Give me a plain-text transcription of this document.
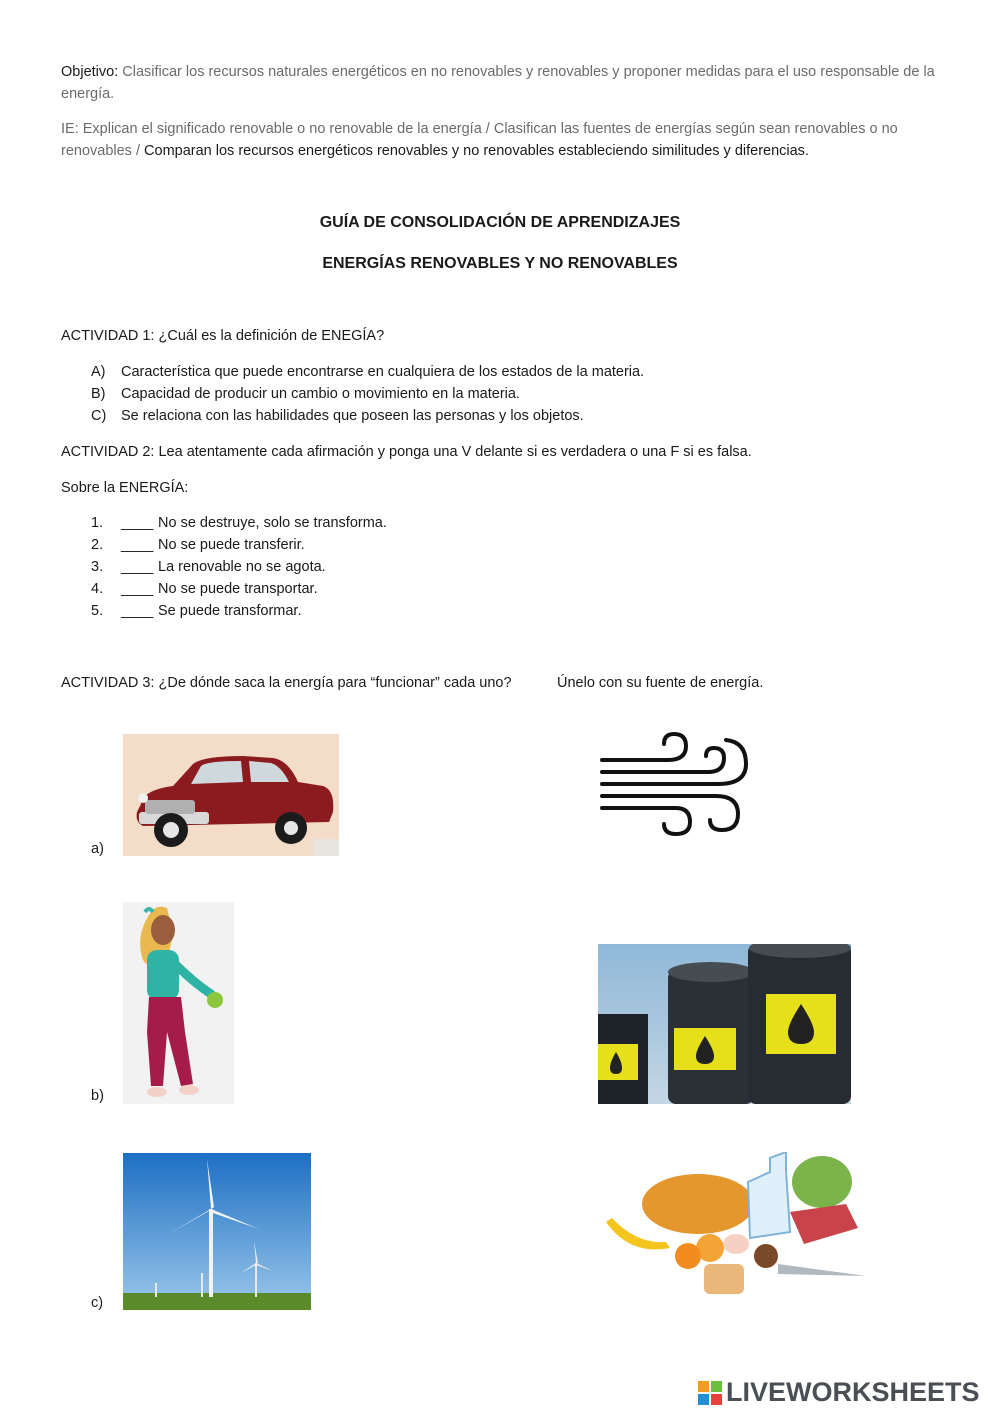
Objetivo: Clasificar los recursos naturales energéticos en no renovables y renovables y proponer medidas para el uso responsable de la energía.
IE: Explican el significado renovable o no renovable de la energía / Clasifican las fuentes de energías según sean renovables o no renovables / Comparan los recursos energéticos renovables y no renovables estableciendo similitudes y diferencias.
GUÍA DE CONSOLIDACIÓN DE APRENDIZAJES
ENERGÍAS RENOVABLES Y NO RENOVABLES
ACTIVIDAD 1: ¿Cuál es la definición de ENEGÍA?
A) Característica que puede encontrarse en cualquiera de los estados de la materia.
B) Capacidad de producir un cambio o movimiento en la materia.
C) Se relaciona con las habilidades que poseen las personas y los objetos.
ACTIVIDAD 2: Lea atentamente cada afirmación y ponga una V delante si es verdadera o una F si es falsa.
Sobre la ENERGÍA:
1. ____ No se destruye, solo se transforma.
2. ____ No se puede transferir.
3. ____ La renovable no se agota.
4. ____ No se puede transportar.
5. ____ Se puede transformar.
ACTIVIDAD 3: ¿De dónde saca la energía para “funcionar” cada uno?	Únelo con su fuente de energía.
a)
b)
c)
LIVEWORKSHEETS
